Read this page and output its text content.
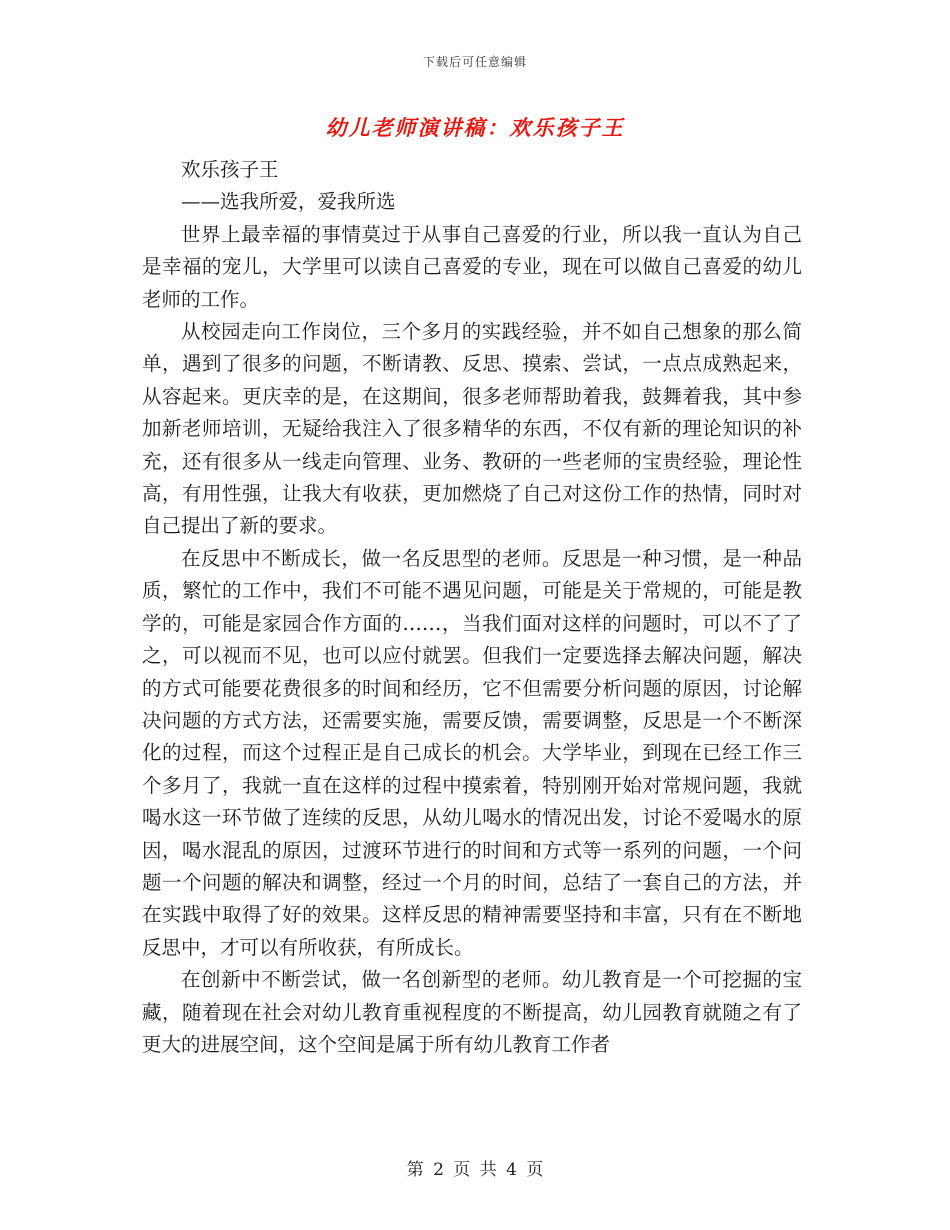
下载后可任意编辑
幼儿老师演讲稿：欢乐孩子王

欢乐孩子王

——选我所爱，爱我所选

世界上最幸福的事情莫过于从事自己喜爱的行业，所以我一直认为自己是幸福的宠儿，大学里可以读自己喜爱的专业，现在可以做自己喜爱的幼儿老师的工作。

从校园走向工作岗位，三个多月的实践经验，并不如自己想象的那么简单，遇到了很多的问题，不断请教、反思、摸索、尝试，一点点成熟起来，从容起来。更庆幸的是，在这期间，很多老师帮助着我，鼓舞着我，其中参加新老师培训，无疑给我注入了很多精华的东西，不仅有新的理论知识的补充，还有很多从一线走向管理、业务、教研的一些老师的宝贵经验，理论性高，有用性强，让我大有收获，更加燃烧了自己对这份工作的热情，同时对自己提出了新的要求。

在反思中不断成长，做一名反思型的老师。反思是一种习惯，是一种品质，繁忙的工作中，我们不可能不遇见问题，可能是关于常规的，可能是教学的，可能是家园合作方面的……，当我们面对这样的问题时，可以不了了之，可以视而不见，也可以应付就罢。但我们一定要选择去解决问题，解决的方式可能要花费很多的时间和经历，它不但需要分析问题的原因，讨论解决问题的方式方法，还需要实施，需要反馈，需要调整，反思是一个不断深化的过程，而这个过程正是自己成长的机会。大学毕业，到现在已经工作三个多月了，我就一直在这样的过程中摸索着，特别刚开始对常规问题，我就喝水这一环节做了连续的反思，从幼儿喝水的情况出发，讨论不爱喝水的原因，喝水混乱的原因，过渡环节进行的时间和方式等一系列的问题，一个问题一个问题的解决和调整，经过一个月的时间，总结了一套自己的方法，并在实践中取得了好的效果。这样反思的精神需要坚持和丰富，只有在不断地反思中，才可以有所收获，有所成长。

在创新中不断尝试，做一名创新型的老师。幼儿教育是一个可挖掘的宝藏，随着现在社会对幼儿教育重视程度的不断提高，幼儿园教育就随之有了更大的进展空间，这个空间是属于所有幼儿教育工作者

第 2 页 共 4 页
